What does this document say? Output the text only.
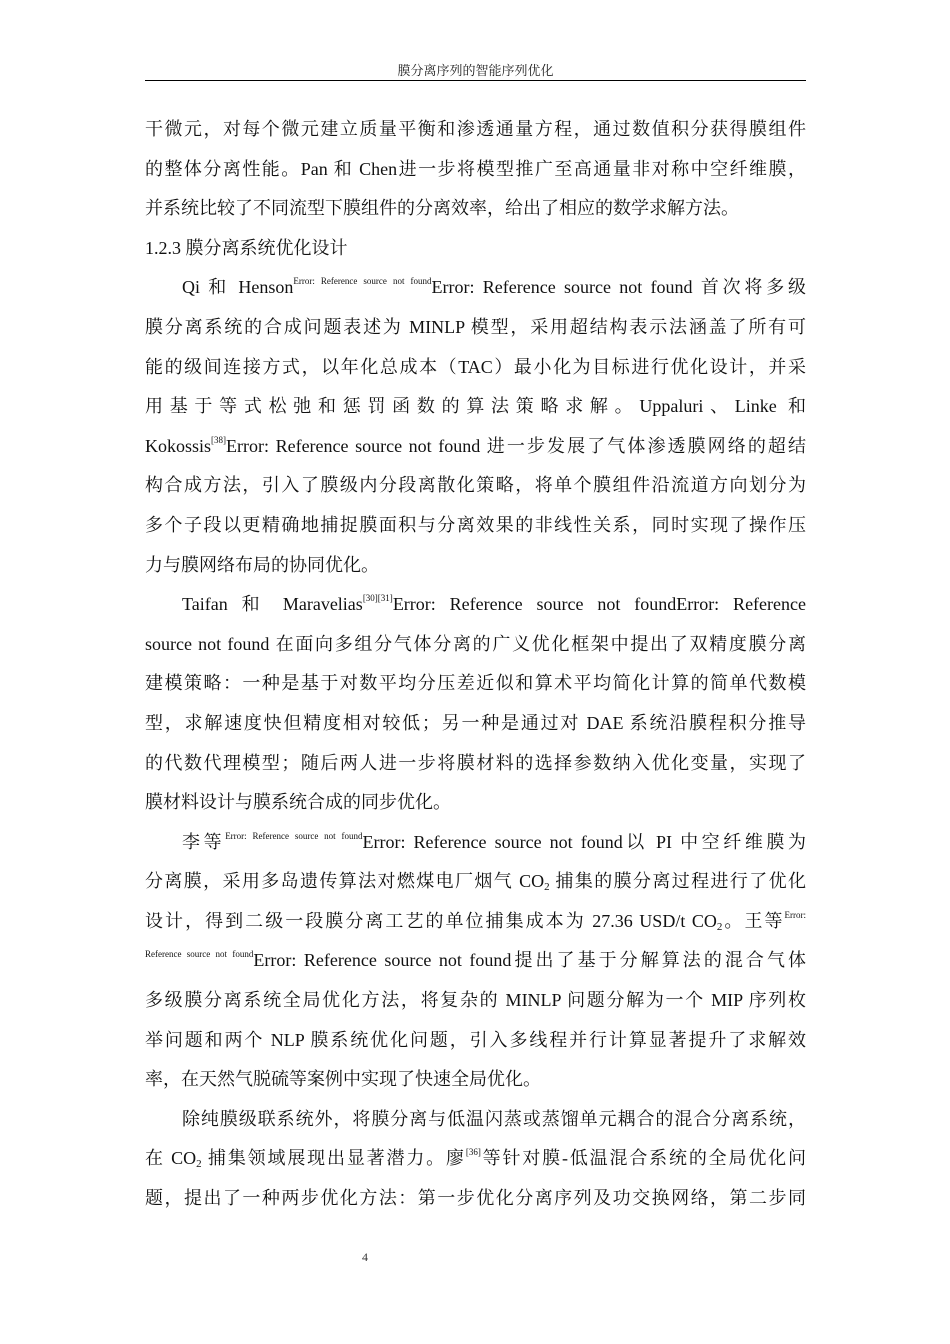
膜分离序列的智能序列优化
干微元，对每个微元建立质量平衡和渗透通量方程，通过数值积分获得膜组件
的整体分离性能。Pan 和 Chen进一步将模型推广至高通量非对称中空纤维膜，
并系统比较了不同流型下膜组件的分离效率，给出了相应的数学求解方法。
1.2.3 膜分离系统优化设计
Qi 和 Henson$^{Error: Reference source not found}$Error: Reference source not found 首次将多级
膜分离系统的合成问题表述为 MINLP 模型，采用超结构表示法涵盖了所有可
能的级间连接方式，以年化总成本（TAC）最小化为目标进行优化设计，并采
用基于等式松弛和惩罚函数的算法策略求解。Uppaluri、Linke 和
Kokossis[38]Error: Reference source not found 进一步发展了气体渗透膜网络的超结
构合成方法，引入了膜级内分段离散化策略，将单个膜组件沿流道方向划分为
多个子段以更精确地捕捉膜面积与分离效果的非线性关系，同时实现了操作压
力与膜网络布局的协同优化。
Taifan 和 Maravelias[30][31]Error: Reference source not foundError: Reference
source not found 在面向多组分气体分离的广义优化框架中提出了双精度膜分离
建模策略：一种是基于对数平均分压差近似和算术平均简化计算的简单代数模
型，求解速度快但精度相对较低；另一种是通过对 DAE 系统沿膜程积分推导
的代数代理模型；随后两人进一步将膜材料的选择参数纳入优化变量，实现了
膜材料设计与膜系统合成的同步优化。
李等$^{Error: Reference source not found}$Error: Reference source not found以 PI 中空纤维膜为
分离膜，采用多岛遗传算法对燃煤电厂烟气 $CO_2$ 捕集的膜分离过程进行了优化
设计，得到二级一段膜分离工艺的单位捕集成本为 27.36 USD/t $CO_2$。王等$^{Error:}$
$^{Reference source not found}$Error: Reference source not found提出了基于分解算法的混合气体
多级膜分离系统全局优化方法，将复杂的 MINLP 问题分解为一个 MIP 序列枚
举问题和两个 NLP 膜系统优化问题，引入多线程并行计算显著提升了求解效
率，在天然气脱硫等案例中实现了快速全局优化。
除纯膜级联系统外，将膜分离与低温闪蒸或蒸馏单元耦合的混合分离系统，
在 $CO_2$ 捕集领域展现出显著潜力。廖[36]等针对膜-低温混合系统的全局优化问
题，提出了一种两步优化方法：第一步优化分离序列及功交换网络，第二步同
4
